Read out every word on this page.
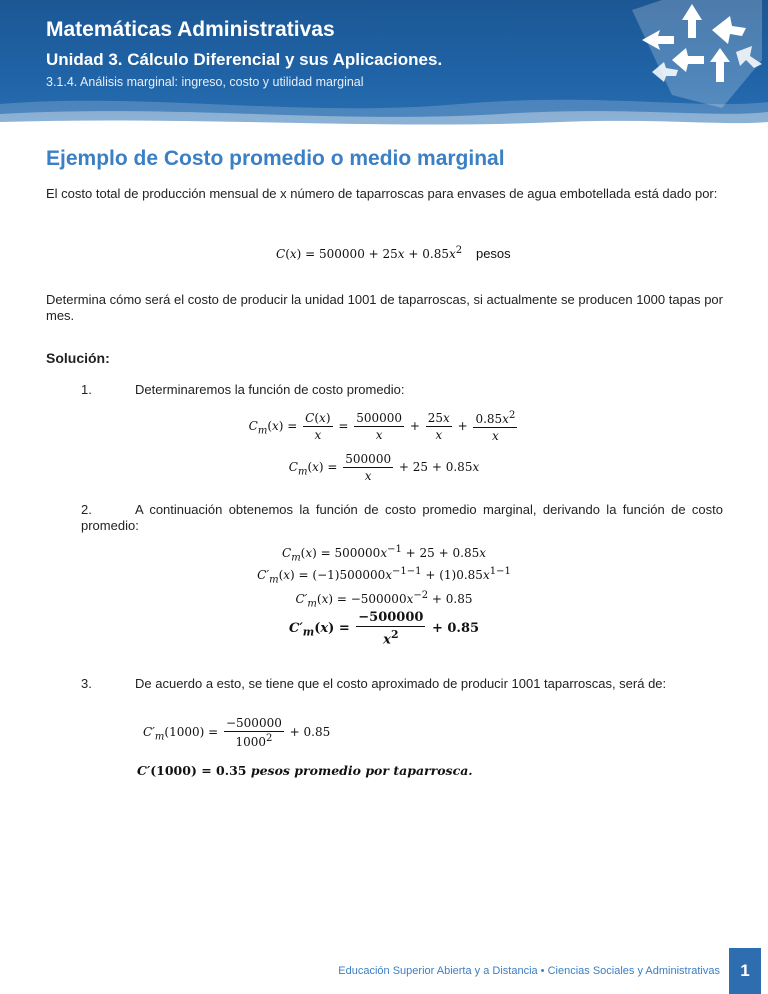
Matemáticas Administrativas
Unidad 3. Cálculo Diferencial y sus Aplicaciones.
3.1.4. Análisis marginal: ingreso, costo y utilidad marginal
Ejemplo de Costo promedio o medio marginal
El costo total de producción mensual de x número de taparroscas para envases de agua embotellada está dado por:
$C(x) = 500000 + 25x + 0.85x^2$ pesos
Determina cómo será el costo de producir la unidad 1001 de taparroscas, si actualmente se producen 1000 tapas por mes.
Solución:
1.	Determinaremos la función de costo promedio:
$C_m(x) = \frac{C(x)}{x} = \frac{500000}{x} + \frac{25x}{x} + \frac{0.85x^2}{x}$
$C_m(x) = \frac{500000}{x} + 25 + 0.85x$
2.	A continuación obtenemos la función de costo promedio marginal, derivando la función de costo promedio:
$C_m(x) = 500000x^{-1} + 25 + 0.85x$
$C'_m(x) = (-1)500000x^{-1-1} + (1)0.85x^{1-1}$
$C'_m(x) = -500000x^{-2} + 0.85$
$C'_m(x) = \frac{-500000}{x^2} + 0.85$
3.	De acuerdo a esto, se tiene que el costo aproximado de producir 1001 taparroscas, será de:
$C'_m(1000) = \frac{-500000}{1000^2} + 0.85$
C′(1000) = 0.35 pesos promedio por taparrosca.
Educación Superior Abierta y a Distancia • Ciencias Sociales y Administrativas	1
